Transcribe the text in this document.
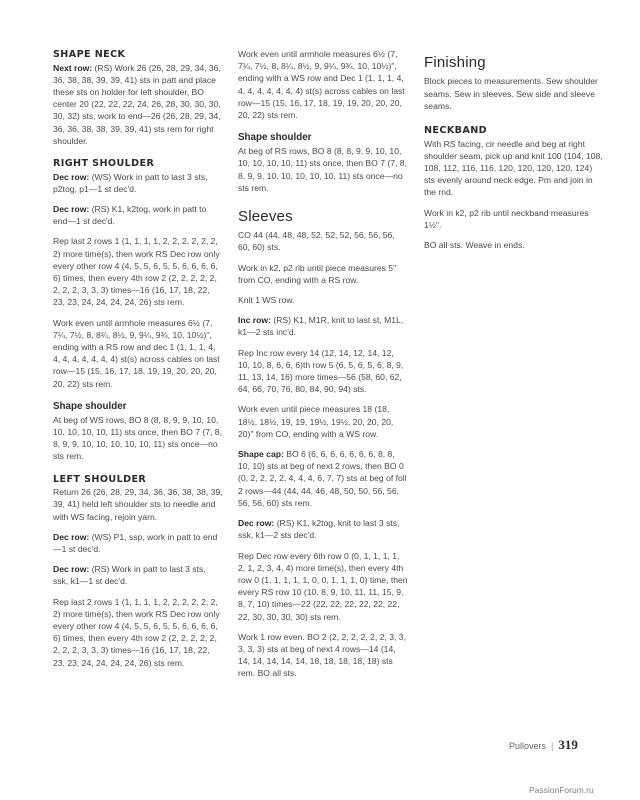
SHAPE NECK

Next row: (RS) Work 26 (26, 28, 29, 34, 36, 36, 38, 38, 39, 39, 41) sts in patt and place these sts on holder for left shoulder, BO center 20 (22, 22, 22, 24, 26, 28, 30, 30, 30, 30, 32) sts, work to end—26 (26, 28, 29, 34, 36, 36, 38, 38, 39, 39, 41) sts rem for right shoulder.

RIGHT SHOULDER

Dec row: (WS) Work in patt to last 3 sts, p2tog, p1—1 st dec'd.

Dec row: (RS) K1, k2tog, work in patt to end—1 st dec'd.

Rep last 2 rows 1 (1, 1, 1, 1, 2, 2, 2, 2, 2, 2, 2) more time(s), then work RS Dec row only every other row 4 (4, 5, 5, 6, 5, 5, 6, 6, 6, 6, 6) times, then every 4th row 2 (2, 2, 2, 2, 2, 2, 2, 2, 3, 3, 3) times—16 (16, 17, 18, 22, 23, 23, 24, 24, 24, 24, 26) sts rem.

Work even until armhole measures 6½ (7, 7¼, 7½, 8, 8¼, 8½, 9, 9¼, 9¾, 10, 10½)", ending with a RS row and dec 1 (1, 1, 1, 4, 4, 4, 4, 4, 4, 4, 4) st(s) across cables on last row—15 (15, 16, 17, 18, 19, 19, 20, 20, 20, 20, 22) sts rem.

Shape shoulder

At beg of WS rows, BO 8 (8, 8, 9, 9, 10, 10, 10, 10, 10, 10, 11) sts once, then BO 7 (7, 8, 8, 9, 9, 10, 10, 10, 10, 10, 11) sts once—no sts rem.

LEFT SHOULDER

Return 26 (26, 28, 29, 34, 36, 36, 38, 38, 39, 39, 41) held left shoulder sts to needle and with WS facing, rejoin yarn.

Dec row: (WS) P1, ssp, work in patt to end—1 st dec'd.

Dec row: (RS) Work in patt to last 3 sts, ssk, k1—1 st dec'd.

Rep last 2 rows 1 (1, 1, 1, 1, 2, 2, 2, 2, 2, 2, 2) more time(s), then work RS Dec row only every other row 4 (4, 5, 5, 6, 5, 5, 6, 6, 6, 6, 6) times, then every 4th row 2 (2, 2, 2, 2, 2, 2, 2, 2, 3, 3, 3) times—16 (16, 17, 18, 22, 23, 23, 24, 24, 24, 24, 26) sts rem.

Work even until armhole measures 6½ (7, 7¼, 7½, 8, 8¼, 8½, 9, 9¼, 9¾, 10, 10½)", ending with a WS row and Dec 1 (1, 1, 1, 4, 4, 4, 4, 4, 4, 4, 4) st(s) across cables on last row—15 (15, 16, 17, 18, 19, 19, 20, 20, 20, 20, 22) sts rem.

Shape shoulder

At beg of RS rows, BO 8 (8, 8, 9, 9, 10, 10, 10, 10, 10, 10, 11) sts once, then BO 7 (7, 8, 8, 9, 9, 10, 10, 10, 10, 10, 11) sts once—no sts rem.

Sleeves

CO 44 (44, 48, 48, 52, 52, 52, 56, 56, 56, 60, 60) sts.

Work in k2, p2 rib until piece measures 5" from CO, ending with a RS row.

Knit 1 WS row.

Inc row: (RS) K1, M1R, knit to last st, M1L, k1—2 sts inc'd.

Rep Inc row every 14 (12, 14, 12, 14, 12, 10, 10, 8, 6, 6, 6)th row 5 (6, 5, 6, 5, 6, 8, 9, 11, 13, 14, 16) more times—56 (58, 60, 62, 64, 66, 70, 76, 80, 84, 90, 94) sts.

Work even until piece measures 18 (18, 18½, 18½, 19, 19, 19½, 19½, 20, 20, 20, 20)" from CO, ending with a WS row.

Shape cap: BO 6 (6, 6, 6, 6, 6, 6, 6, 8, 8, 10, 10) sts at beg of next 2 rows, then BO 0 (0, 2, 2, 2, 2, 4, 4, 4, 6, 7, 7) sts at beg of foll 2 rows—44 (44, 44, 46, 48, 50, 50, 56, 56, 56, 56, 60) sts rem.

Dec row: (RS) K1, k2tog, knit to last 3 sts, ssk, k1—2 sts dec'd.

Rep Dec row every 6th row 0 (0, 1, 1, 1, 1, 2, 1, 2, 3, 4, 4) more time(s), then every 4th row 0 (1, 1, 1, 1, 1, 0, 0, 1, 1, 1, 0) time, then every RS row 10 (10, 8, 9, 10, 11, 11, 15, 9, 8, 7, 10) times—22 (22, 22, 22, 22, 22, 22, 22, 30, 30, 30, 30) sts rem.

Work 1 row even. BO 2 (2, 2, 2, 2, 2, 2, 3, 3, 3, 3, 3) sts at beg of next 4 rows—14 (14, 14, 14, 14, 14, 14, 18, 18, 18, 18, 18) sts rem. BO all sts.

Finishing

Block pieces to measurements. Sew shoulder seams. Sew in sleeves. Sew side and sleeve seams.

NECKBAND

With RS facing, cir needle and beg at right shoulder seam, pick up and knit 100 (104, 108, 108, 112, 116, 116, 120, 120, 120, 120, 124) sts evenly around neck edge. Pm and join in the rnd.

Work in k2, p2 rib until neckband measures 1½".

BO all sts. Weave in ends.

Pullovers | 319
PassionForum.ru
